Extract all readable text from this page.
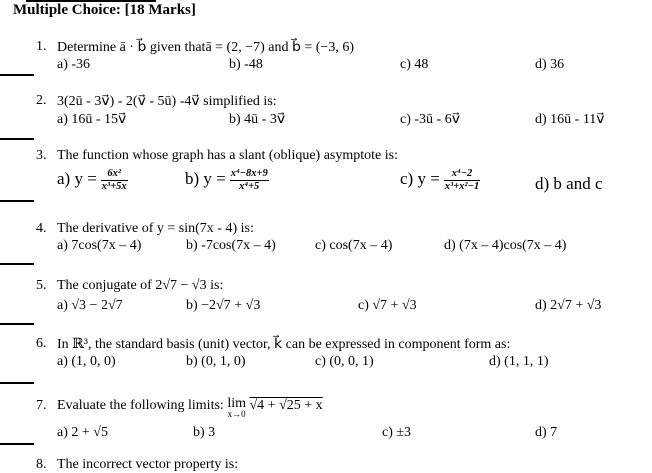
Multiple Choice: [18 Marks]
1. Determine ā · b⃗ given thatā = (2, −7) and b⃗ = (−3, 6)
a) -36	b) -48	c) 48	d) 36
2. 3(2ū - 3v⃗) - 2(v⃗ - 5ū) -4v⃗ simplified is:
a) 16ū - 15v⃗	b) 4ū - 3v⃗	c) -3ū - 6v⃗	d) 16ū - 11v⃗
3. The function whose graph has a slant (oblique) asymptote is:
a) $y = \frac{\text{6x²}}{\text{x³+5x}}$	b) $y = \frac{\text{x⁴−8x+9}}{\text{x⁴+5}}$	c) $y = \frac{\text{x⁴−2}}{\text{x³+x²−1}}$	d) b and c
4. The derivative of y = sin(7x - 4) is:
a) 7cos(7x – 4)	b) -7cos(7x – 4)	c) cos(7x – 4)	d) (7x – 4)cos(7x – 4)
5. The conjugate of 2√7 − √3 is:
a) √3 − 2√7	b) −2√7 + √3	c) √7 + √3	d) 2√7 + √3
6. In ℝ³, the standard basis (unit) vector, k⃗ can be expressed in component form as:
a) (1, 0, 0)	b) (0, 1, 0)	c) (0, 0, 1)	d) (1, 1, 1)
7. Evaluate the following limits: lim
x→0
√4 + √25 + x
a) 2 + √5	b) 3	c) ±3	d) 7
8. The incorrect vector property is:
